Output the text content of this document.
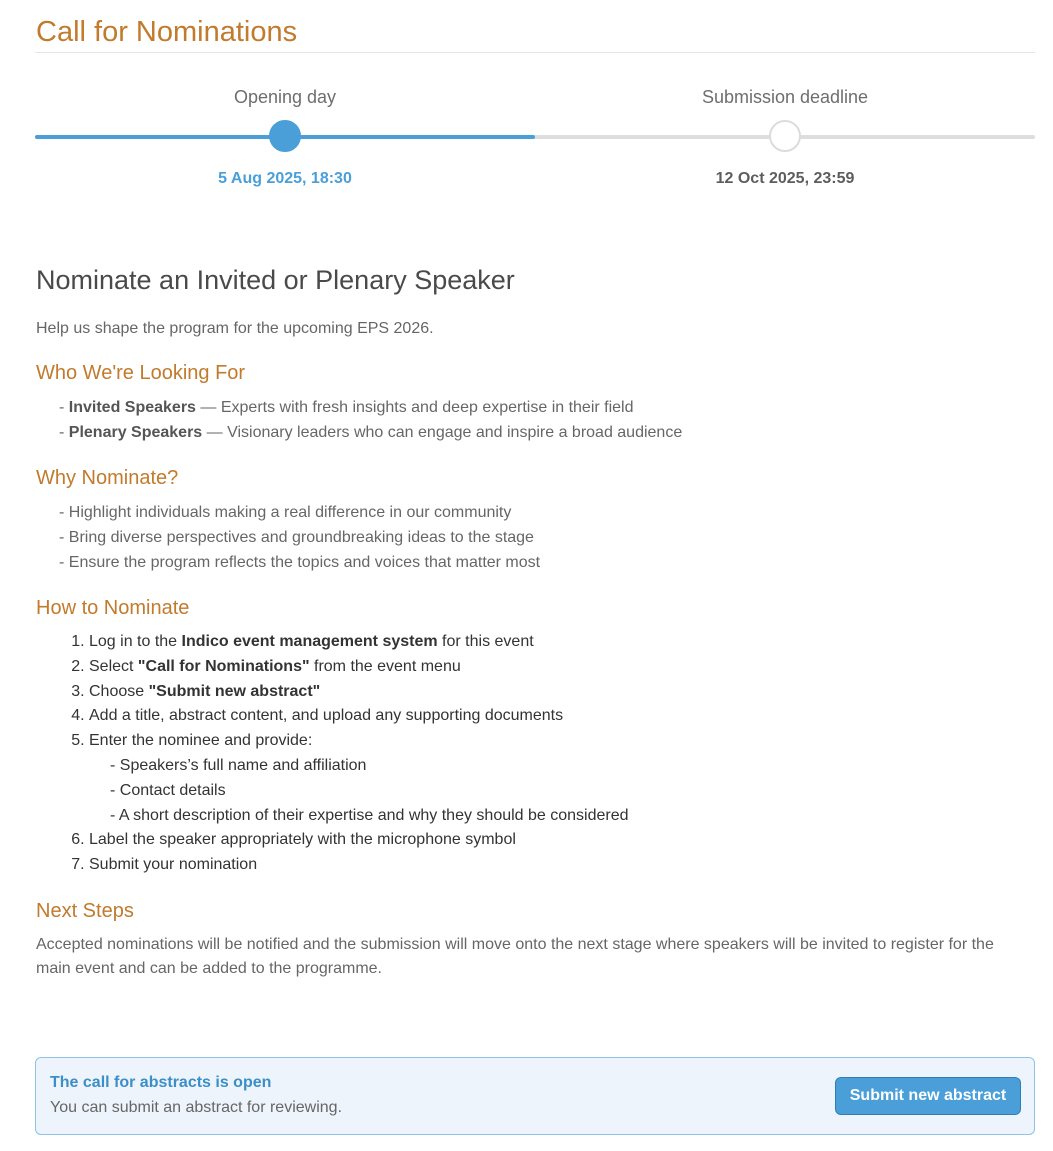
Call for Nominations
Opening day
5 Aug 2025, 18:30
Submission deadline
12 Oct 2025, 23:59
Nominate an Invited or Plenary Speaker

Help us shape the program for the upcoming EPS 2026.

Who We're Looking For
- Invited Speakers — Experts with fresh insights and deep expertise in their field
- Plenary Speakers — Visionary leaders who can engage and inspire a broad audience
Why Nominate?
- Highlight individuals making a real difference in our community
- Bring diverse perspectives and groundbreaking ideas to the stage
- Ensure the program reflects the topics and voices that matter most
How to Nominate
1. Log in to the Indico event management system for this event
2. Select "Call for Nominations" from the event menu
3. Choose "Submit new abstract"
4. Add a title, abstract content, and upload any supporting documents
5. Enter the nominee and provide:
- Speakers’s full name and affiliation
- Contact details
- A short description of their expertise and why they should be considered
6. Label the speaker appropriately with the microphone symbol
7. Submit your nomination
Next Steps

Accepted nominations will be notified and the submission will move onto the next stage where speakers will be invited to register for the main event and can be added to the programme.

The call for abstracts is open
You can submit an abstract for reviewing.
Submit new abstract
